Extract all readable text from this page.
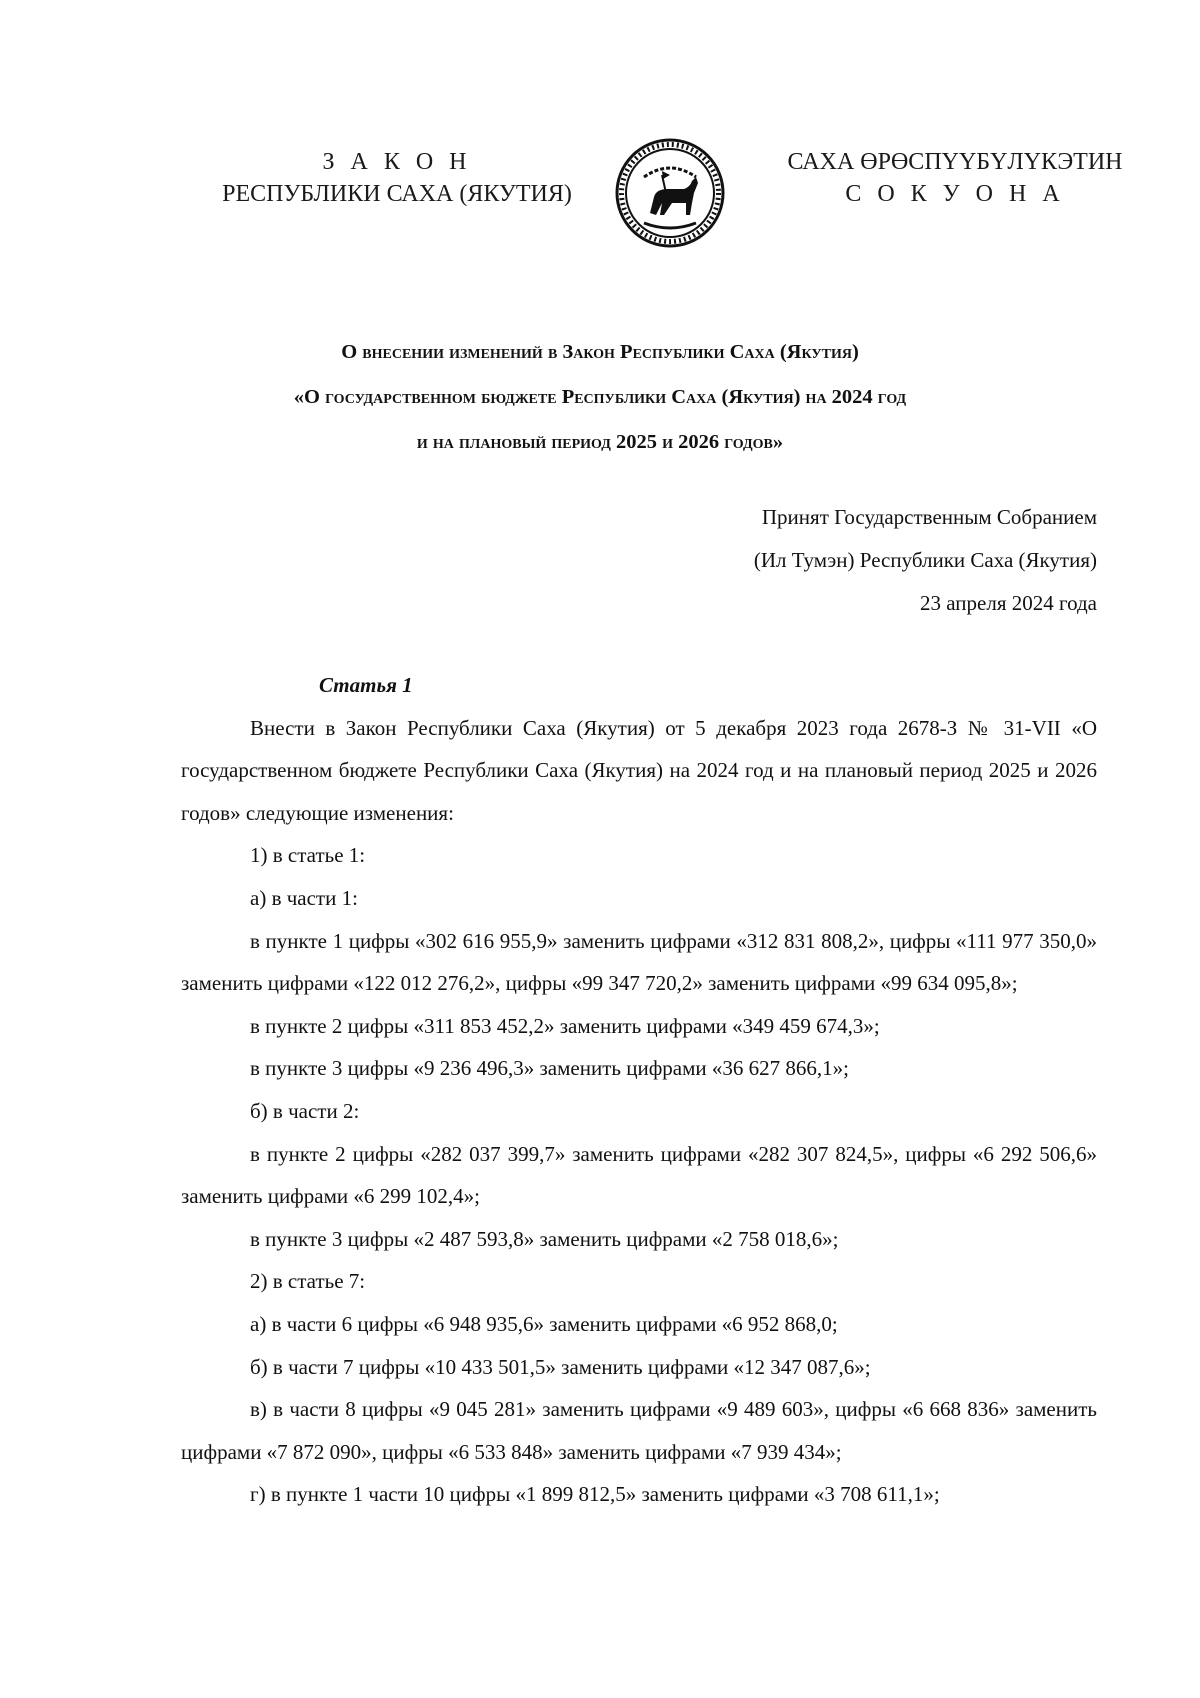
З А К О Н
РЕСПУБЛИКИ САХА (ЯКУТИЯ)
САХА ӨРӨСПҮҮБҮЛҮКЭТИН
С О К У О Н А
О внесении изменений в Закон Республики Саха (Якутия)
«О государственном бюджете Республики Саха (Якутия) на 2024 год
и на плановый период 2025 и 2026 годов»
Принят Государственным Собранием
(Ил Тумэн) Республики Саха (Якутия)
23 апреля 2024 года

Статья 1

Внести в Закон Республики Саха (Якутия) от 5 декабря 2023 года 2678-З № 31-VII «О государственном бюджете Республики Саха (Якутия) на 2024 год и на плановый период 2025 и 2026 годов» следующие изменения:

1) в статье 1:

а) в части 1:

в пункте 1 цифры «302 616 955,9» заменить цифрами «312 831 808,2», цифры «111 977 350,0» заменить цифрами «122 012 276,2», цифры «99 347 720,2» заменить цифрами «99 634 095,8»;

в пункте 2 цифры «311 853 452,2» заменить цифрами «349 459 674,3»;

в пункте 3 цифры «9 236 496,3» заменить цифрами «36 627 866,1»;

б) в части 2:

в пункте 2 цифры «282 037 399,7» заменить цифрами «282 307 824,5», цифры «6 292 506,6» заменить цифрами «6 299 102,4»;

в пункте 3 цифры «2 487 593,8» заменить цифрами «2 758 018,6»;

2) в статье 7:

а) в части 6 цифры «6 948 935,6» заменить цифрами «6 952 868,0;

б) в части 7 цифры «10 433 501,5» заменить цифрами «12 347 087,6»;

в) в части 8 цифры «9 045 281» заменить цифрами «9 489 603», цифры «6 668 836» заменить цифрами «7 872 090», цифры «6 533 848» заменить цифрами «7 939 434»;

г) в пункте 1 части 10 цифры «1 899 812,5» заменить цифрами «3 708 611,1»;
